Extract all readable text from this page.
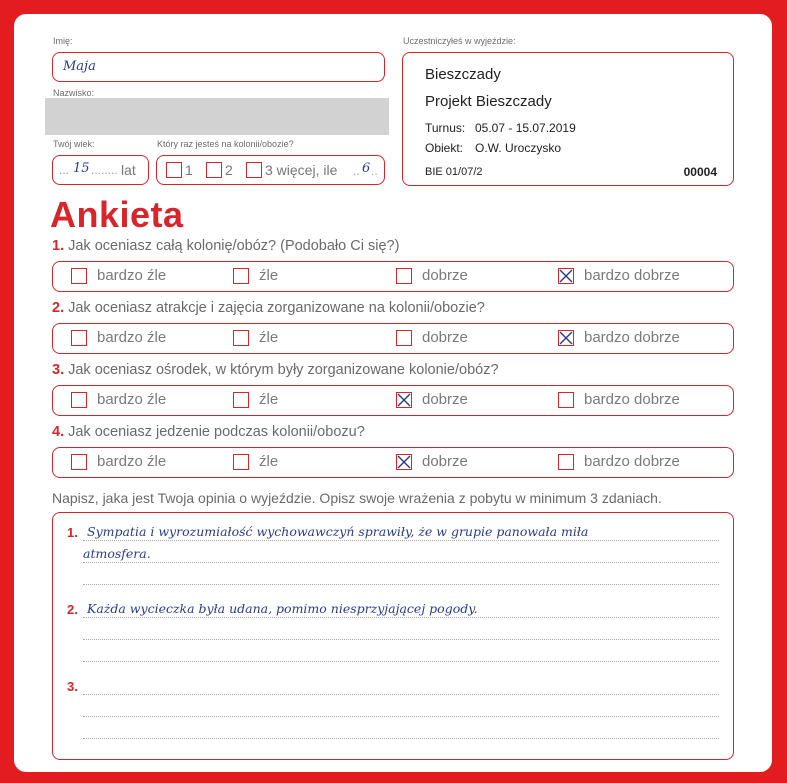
Imię:
Maja
Nazwisko:
Twój wiek:
... 15 ........ lat
Który raz jesteś na kolonii/obozie?
1 2 3 więcej, ile .. 6 ..
Uczestniczyłeś w wyjeździe:
Bieszczady
Projekt Bieszczady
Turnus: 05.07 - 15.07.2019
Obiekt: O.W. Uroczysko
BIE 01/07/2	00004
Ankieta
1. Jak oceniasz całą kolonię/obóz? (Podobało Ci się?)
bardzo źle	źle	dobrze	bardzo dobrze
2. Jak oceniasz atrakcje i zajęcia zorganizowane na kolonii/obozie?
bardzo źle	źle	dobrze	bardzo dobrze
3. Jak oceniasz ośrodek, w którym były zorganizowane kolonie/obóz?
bardzo źle	źle	dobrze	bardzo dobrze
4. Jak oceniasz jedzenie podczas kolonii/obozu?
bardzo źle	źle	dobrze	bardzo dobrze
Napisz, jaka jest Twoja opinia o wyjeździe. Opisz swoje wrażenia z pobytu w minimum 3 zdaniach.
1. Sympatia i wyrozumiałość wychowawczyń sprawiły, że w grupie panowała miła
atmosfera.
2. Każda wycieczka była udana, pomimo niesprzyjającej pogody.
3.
